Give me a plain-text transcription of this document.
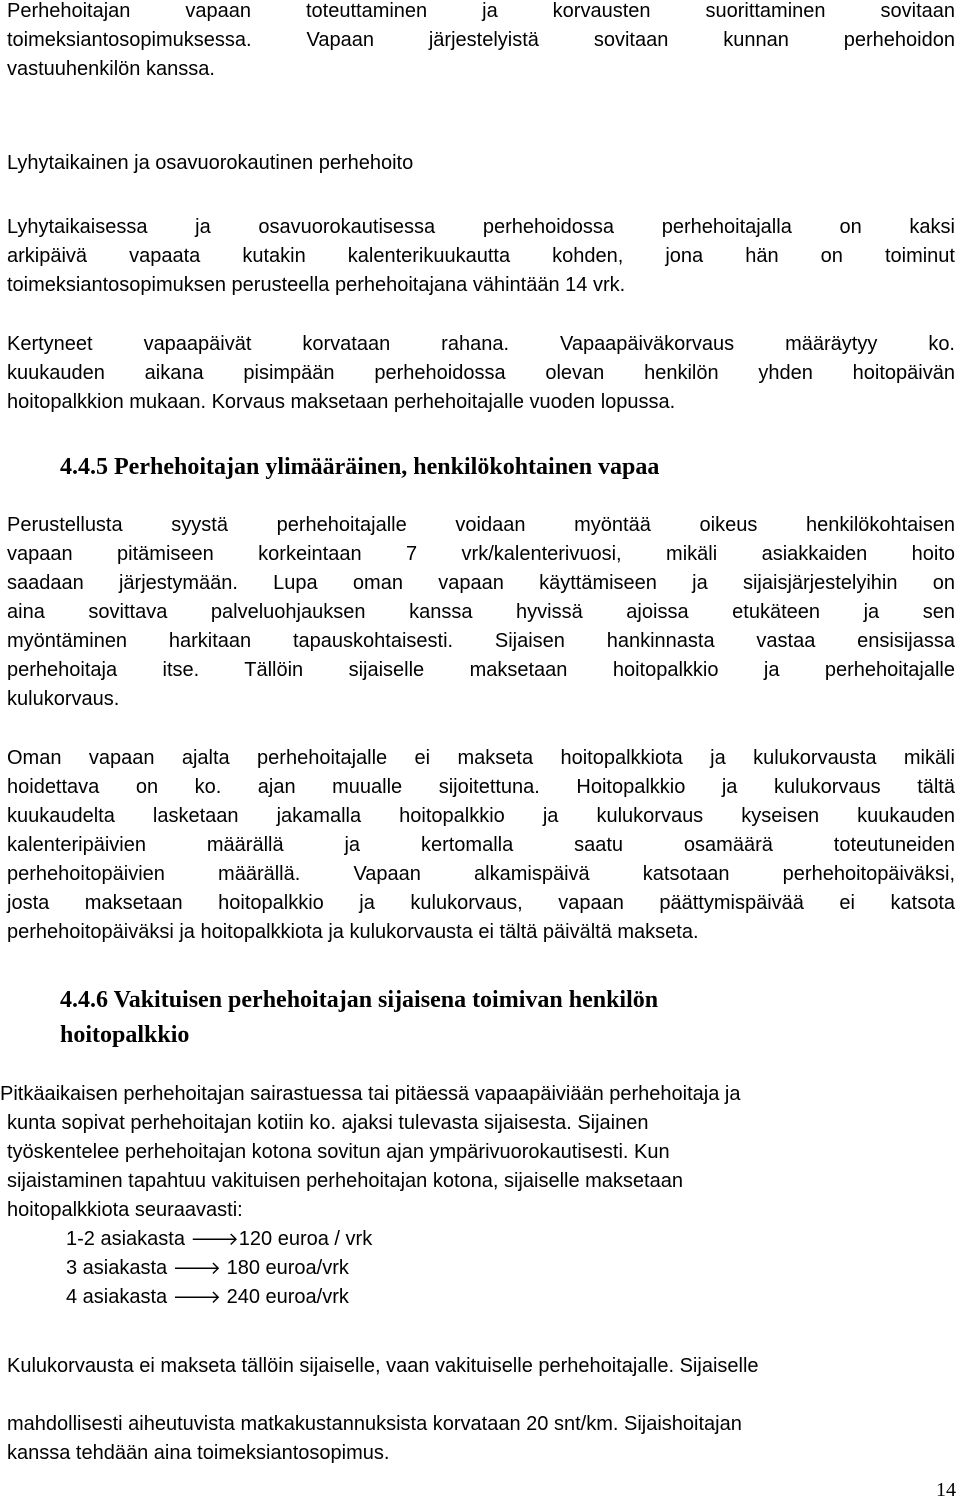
Perhehoitajan vapaan toteuttaminen ja korvausten suorittaminen sovitaan
toimeksiantosopimuksessa. Vapaan järjestelyistä sovitaan kunnan perhehoidon
vastuuhenkilön kanssa.
Lyhytaikainen ja osavuorokautinen perhehoito
Lyhytaikaisessa ja osavuorokautisessa perhehoidossa perhehoitajalla on kaksi
arkipäivä vapaata kutakin kalenterikuukautta kohden, jona hän on toiminut
toimeksiantosopimuksen perusteella perhehoitajana vähintään 14 vrk.
Kertyneet vapaapäivät korvataan rahana. Vapaapäiväkorvaus määräytyy ko.
kuukauden aikana pisimpään perhehoidossa olevan henkilön yhden hoitopäivän
hoitopalkkion mukaan. Korvaus maksetaan perhehoitajalle vuoden lopussa.
4.4.5 Perhehoitajan ylimääräinen, henkilökohtainen vapaa
Perustellusta syystä perhehoitajalle voidaan myöntää oikeus henkilökohtaisen
vapaan pitämiseen korkeintaan 7 vrk/kalenterivuosi, mikäli asiakkaiden hoito
saadaan järjestymään. Lupa oman vapaan käyttämiseen ja sijaisjärjestelyihin on
aina sovittava palveluohjauksen kanssa hyvissä ajoissa etukäteen ja sen
myöntäminen harkitaan tapauskohtaisesti. Sijaisen hankinnasta vastaa ensisijassa
perhehoitaja itse. Tällöin sijaiselle maksetaan hoitopalkkio ja perhehoitajalle
kulukorvaus.
Oman vapaan ajalta perhehoitajalle ei makseta hoitopalkkiota ja kulukorvausta mikäli
hoidettava on ko. ajan muualle sijoitettuna. Hoitopalkkio ja kulukorvaus tältä
kuukaudelta lasketaan jakamalla hoitopalkkio ja kulukorvaus kyseisen kuukauden
kalenteripäivien määrällä ja kertomalla saatu osamäärä toteutuneiden
perhehoitopäivien määrällä. Vapaan alkamispäivä katsotaan perhehoitopäiväksi,
josta maksetaan hoitopalkkio ja kulukorvaus, vapaan päättymispäivää ei katsota
perhehoitopäiväksi ja hoitopalkkiota ja kulukorvausta ei tältä päivältä makseta.
4.4.6 Vakituisen perhehoitajan sijaisena toimivan henkilön
hoitopalkkio
Pitkäaikaisen perhehoitajan sairastuessa tai pitäessä vapaapäiviään perhehoitaja ja
kunta sopivat perhehoitajan kotiin ko. ajaksi tulevasta sijaisesta. Sijainen
työskentelee perhehoitajan kotona sovitun ajan ympärivuorokautisesti. Kun
sijaistaminen tapahtuu vakituisen perhehoitajan kotona, sijaiselle maksetaan
hoitopalkkiota seuraavasti:
1-2 asiakasta 🡒120 euroa / vrk
3 asiakasta 🡒 180 euroa/vrk
4 asiakasta 🡒 240 euroa/vrk
Kulukorvausta ei makseta tällöin sijaiselle, vaan vakituiselle perhehoitajalle. Sijaiselle
mahdollisesti aiheutuvista matkakustannuksista korvataan 20 snt/km. Sijaishoitajan
kanssa tehdään aina toimeksiantosopimus.
14
